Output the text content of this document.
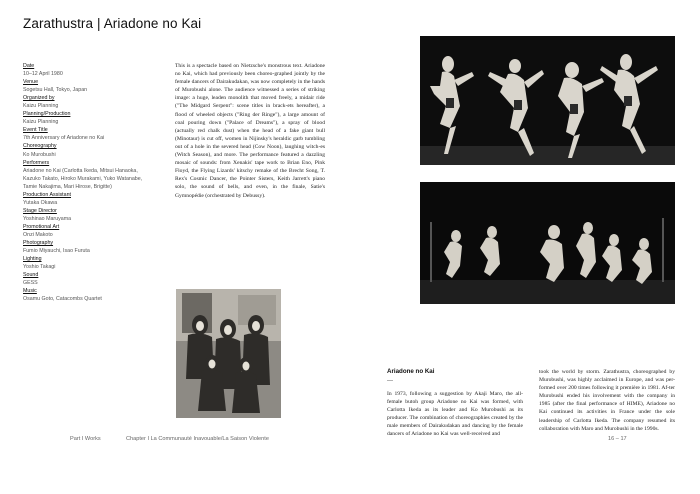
Zarathustra | Ariadone no Kai
Date
10–12 April 1980
Venue
Sogetsu Hall, Tokyo, Japan
Organized by
Kaizu Planning
Planning/Production
Kaizu Planning
Event Title
7th Anniversary of Ariadone no Kai
Choreography
Ko Murobushi
Performers
Ariadone no Kai (Carlotta Ikeda, Mitsui Hanaoka,
Kazuko Takato, Hiroko Murakami, Yuko Watanabe,
Tamie Nakajima, Mari Hirose, Brigitte)
Production Assistant
Yutaka Okawa
Stage Director
Yoshinao Maruyama
Promotional Art
Onzi Makoto
Photography
Fumio Miyauchi, Isao Furuta
Lighting
Yoshio Takagi
Sound
GESS
Music
Osamu Goto, Catacombs Quartet
This is a spectacle based on Nietzsche's monstrous text. Ariadone no Kai, which had previously been choreo-graphed jointly by the female dancers of Dairakudakan, was now completely in the hands of Murobushi alone. The audience witnessed a series of striking image: a huge, leaden monolith that moved freely, a midair ride ("The Midgard Serpent": scene titles in brack-ets hereafter), a flood of wheeled objects ("Ring der Ringe"), a large amount of coal pouring down ("Palace of Dreams"), a spray of blood (actually red chalk dust) when the head of a fake giant bull (Minotaur) is cut off, women in Nijinsky's heraldic garb tumbling out of a hole in the severed head (Cow Noon), laughing witch-es (Witch Season), and more. The performance featured a dazzling mosaic of sounds: from Xenakis' tape work to Brian Eno, Pink Floyd, the Flying Lizards' kitschy remake of the Brecht Song, T. Rex's Cosmic Dancer, the Pointer Sisters, Keith Jarrett's piano solo, the sound of bells, and even, in the finale, Satie's Gymnopédie (orchestrated by Debussy).
Ariadone no Kai
—
In 1973, following a suggestion by Akaji Maro, the all-female butoh group Ariadone no Kai was formed, with Carlotta Ikeda as its leader and Ko Murobushi as its producer. The combination of choreographies created by the male members of Dairakudakan and dancing by the female dancers of Ariadone no Kai was well-received and
took the world by storm. Zarathustra, choreographed by Murobushi, was highly acclaimed in Europe, and was per-formed over 200 times following it première in 1981. Af-ter Murobushi ended his involvement with the company in 1985 (after the final performance of HIME), Ariadone no Kai continued its activities in France under the sole leadership of Carlotta Ikeda. The company resumed its collaboration with Maro and Murobushi in the 1990s.
Part I Works	Chapter I La Communauté Inavouable/La Saison Violente	16 – 17
